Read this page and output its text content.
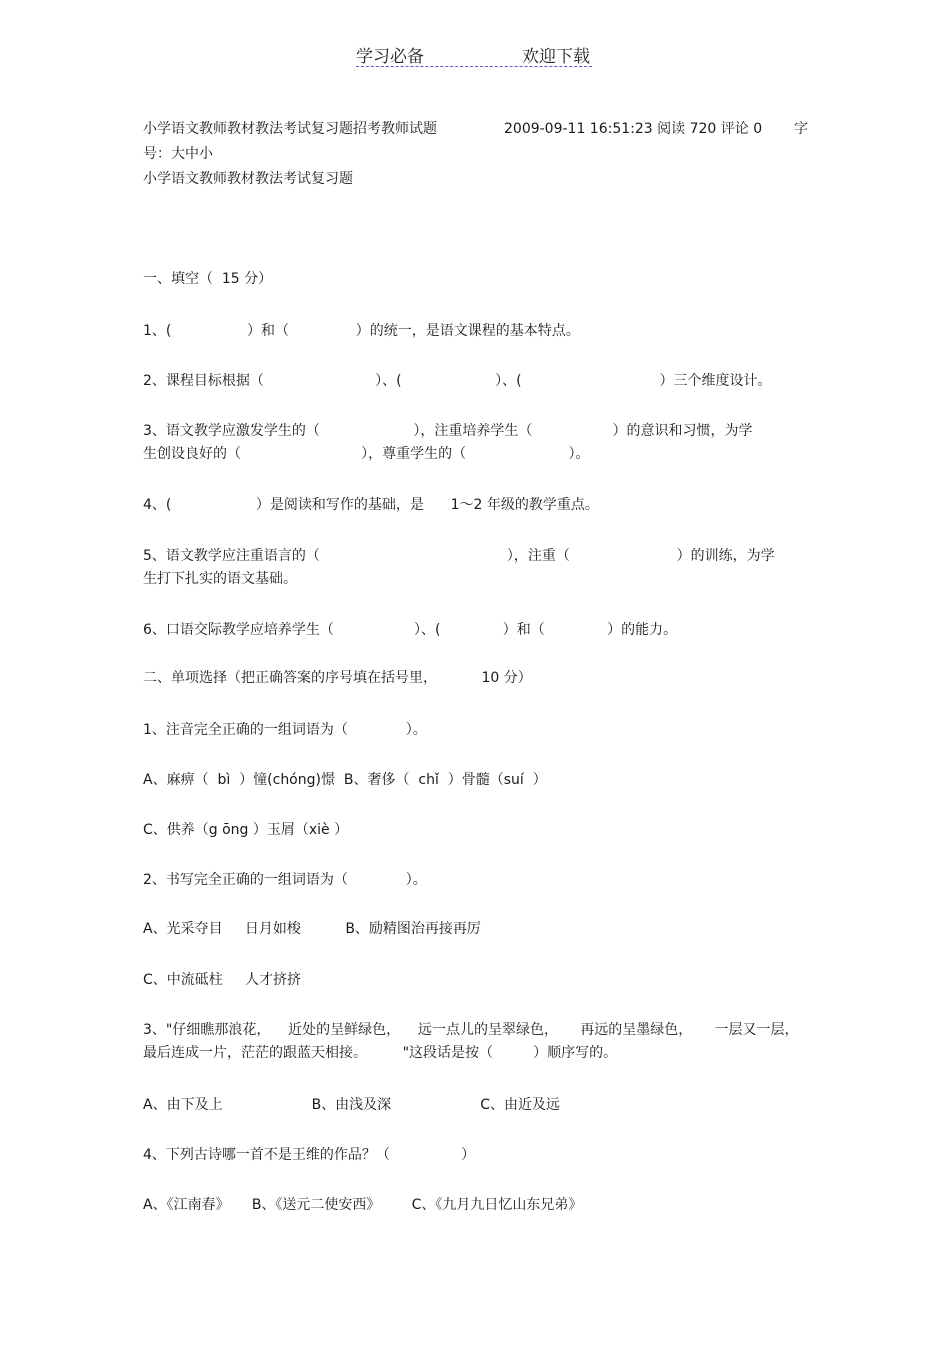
学习必备	欢迎下载
小学语文教师教材教法考试复习题招考教师试题	2009-09-11 16:51:23 阅读 720 评论 0 字
号：大中小
小学语文教师教材教法考试复习题
一、填空（  15 分）
1、(                 ）和（               ）的统一，是语文课程的基本特点。
2、课程目标根据（                         ）、(                     ）、(                               ）三个维度设计。
3、语文教学应激发学生的（                     ），注重培养学生（                  ）的意识和习惯，为学
生创设良好的（                           ），尊重学生的（                       ）。
4、(                   ）是阅读和写作的基础，是      1～2 年级的教学重点。
5、语文教学应注重语言的（                                          ），注重（                        ）的训练，为学
生打下扎实的语文基础。
6、口语交际教学应培养学生（                  ）、(              ）和（              ）的能力。
二、单项选择（把正确答案的序号填在括号里，          10 分）
1、注音完全正确的一组词语为（             ）。
A、麻痹（  bì  ）憧(chóng)憬  B、奢侈（  chǐ  ）骨髓（suí  ）
C、供养（g ōng ）玉屑（xiè ）
2、书写完全正确的一组词语为（             ）。
A、光采夺目     日月如梭          B、励精图治再接再厉
C、中流砥柱     人才挤挤
3、"仔细瞧那浪花，    近处的呈鲜绿色，    远一点儿的呈翠绿色，     再远的呈墨绿色，     一层又一层，
最后连成一片，茫茫的跟蓝天相接。        "这段话是按（         ）顺序写的。
A、由下及上                    B、由浅及深                    C、由近及远
4、下列古诗哪一首不是王维的作品？（                ）
A、《江南春》     B、《送元二使安西》       C、《九月九日忆山东兄弟》
